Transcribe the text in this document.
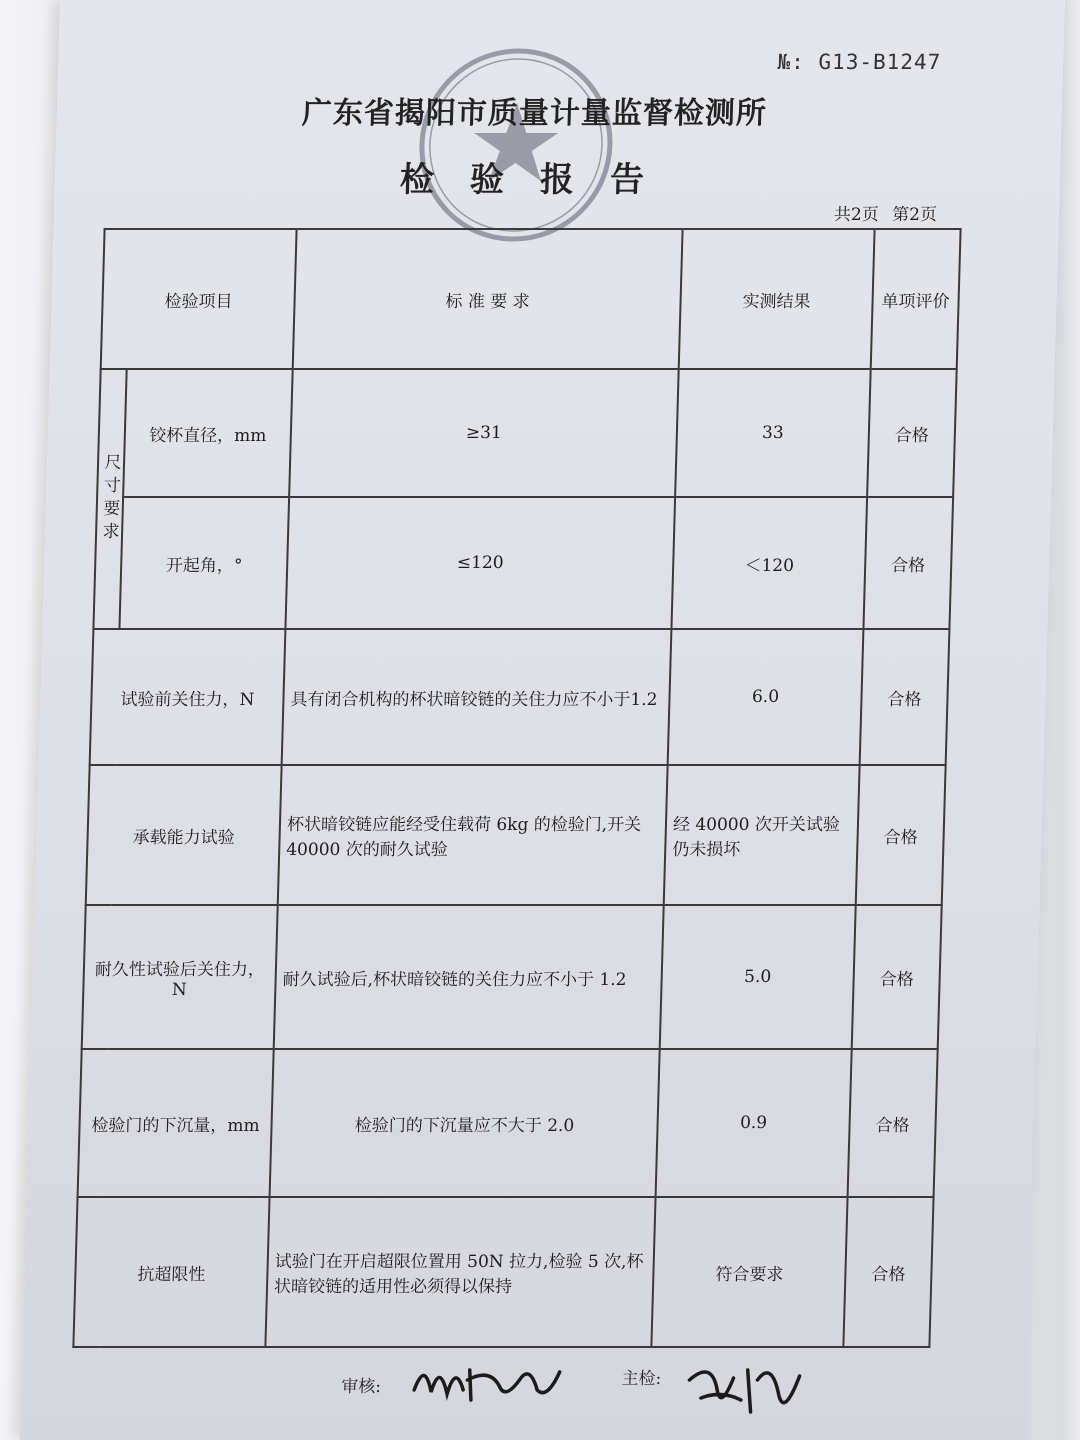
№: G13-B1247
广东省揭阳市质量计量监督检测所
检验报告
共2页 第2页
检验项目		标 准 要 求	实测结果	单项评价
尺寸要求	铰杯直径，mm	≥31	33	合格
	开起角，°	≤120	＜120	合格
试验前关住力，N		具有闭合机构的杯状暗铰链的关住力应不小于1.2	6.0	合格
承载能力试验		杯状暗铰链应能经受住载荷 6kg 的检验门,开关40000 次的耐久试验	经 40000 次开关试验仍未损坏	合格
耐久性试验后关住力，N		耐久试验后,杯状暗铰链的关住力应不小于 1.2	5.0	合格
检验门的下沉量，mm		检验门的下沉量应不大于 2.0	0.9	合格
抗超限性		试验门在开启超限位置用 50N 拉力,检验 5 次,杯状暗铰链的适用性必须得以保持	符合要求	合格
审核:	主检:
